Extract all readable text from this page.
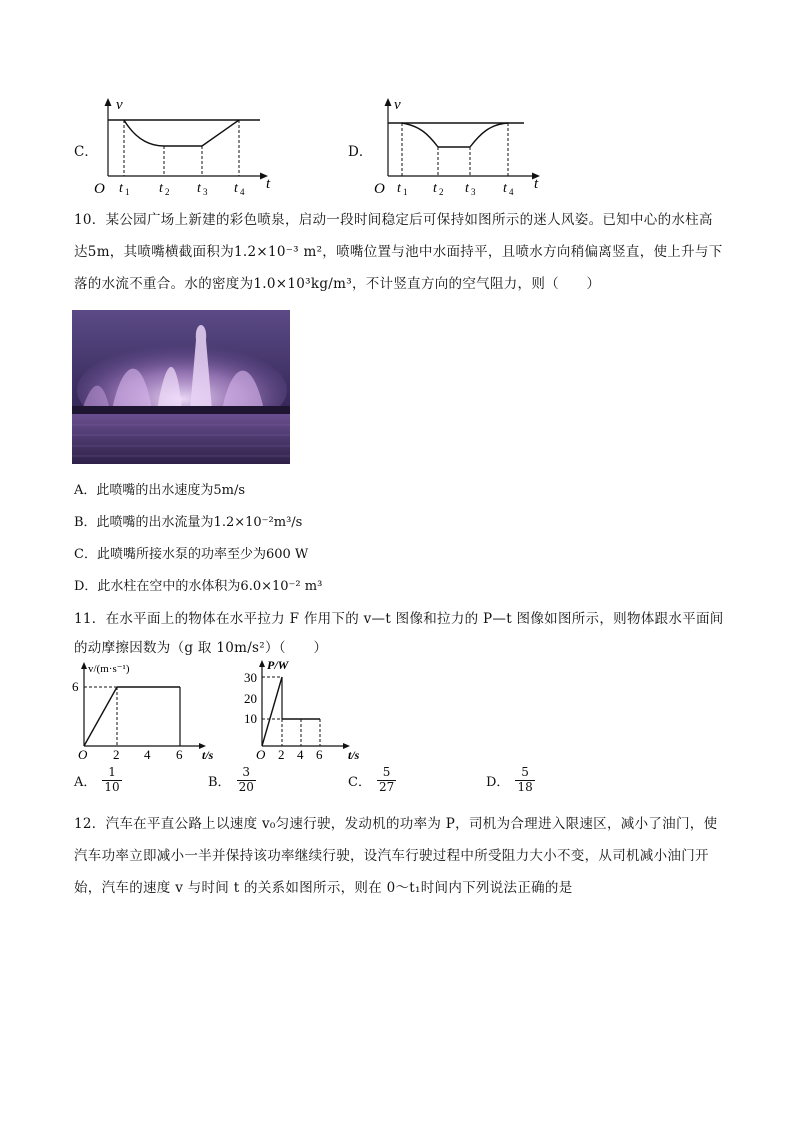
C．
v
t
O t 1 t 2 t 3 t 4
D．
v
t
O t 1 t 2 t 3 t 4
10．某公园广场上新建的彩色喷泉，启动一段时间稳定后可保持如图所示的迷人风姿。已知中心的水柱高
达5m，其喷嘴横截面积为1.2×10⁻³ m²，喷嘴位置与池中水面持平，且喷水方向稍偏离竖直，使上升与下
落的水流不重合。水的密度为1.0×10³kg/m³，不计竖直方向的空气阻力，则（　　）
A．此喷嘴的出水速度为5m/s
B．此喷嘴的出水流量为1.2×10⁻²m³/s
C．此喷嘴所接水泵的功率至少为600 W
D．此水柱在空中的水体积为6.0×10⁻² m³
11．在水平面上的物体在水平拉力 F 作用下的 v—t 图像和拉力的 P—t 图像如图所示，则物体跟水平面间
的动摩擦因数为（g 取 10m/s²）（　　）
v/(m·s⁻¹)
6
O 2 4 6 t/s
P/W
30
20
10
O 2 4 6 t/s
A． $\frac{1}{10}$	B． $\frac{3}{20}$	C． $\frac{5}{27}$	D． $\frac{5}{18}$
12．汽车在平直公路上以速度 v₀匀速行驶，发动机的功率为 P，司机为合理进入限速区，减小了油门，使
汽车功率立即减小一半并保持该功率继续行驶，设汽车行驶过程中所受阻力大小不变，从司机减小油门开
始，汽车的速度 v 与时间 t 的关系如图所示，则在 0～t₁时间内下列说法正确的是
